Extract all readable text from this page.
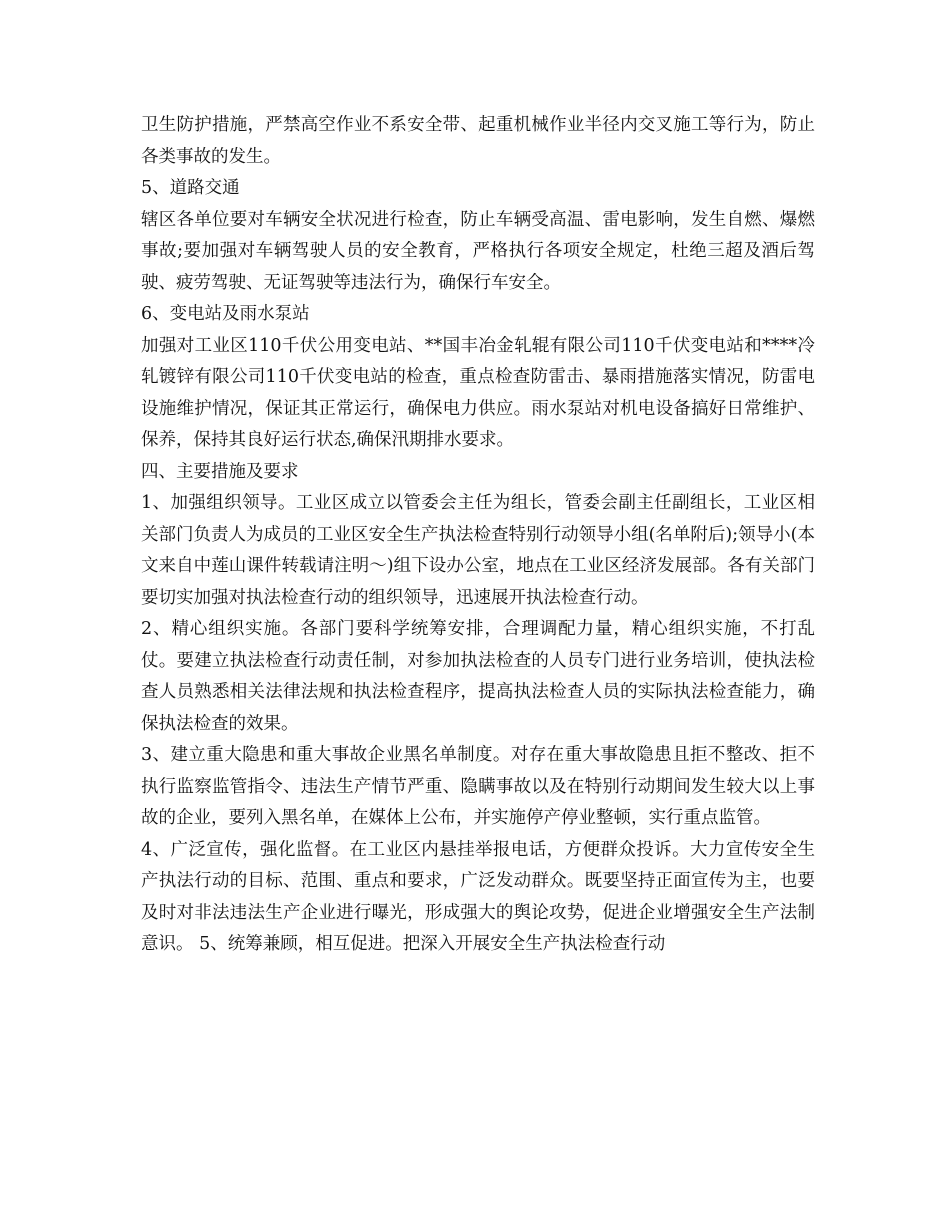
卫生防护措施，严禁高空作业不系安全带、起重机械作业半径内交叉施工等行为，防止各类事故的发生。

5、道路交通

辖区各单位要对车辆安全状况进行检查，防止车辆受高温、雷电影响，发生自燃、爆燃事故;要加强对车辆驾驶人员的安全教育，严格执行各项安全规定，杜绝三超及酒后驾驶、疲劳驾驶、无证驾驶等违法行为，确保行车安全。

6、变电站及雨水泵站

加强对工业区110千伏公用变电站、**国丰冶金轧辊有限公司110千伏变电站和****冷轧镀锌有限公司110千伏变电站的检查，重点检查防雷击、暴雨措施落实情况，防雷电设施维护情况，保证其正常运行，确保电力供应。雨水泵站对机电设备搞好日常维护、保养，保持其良好运行状态,确保汛期排水要求。

四、主要措施及要求

1、加强组织领导。工业区成立以管委会主任为组长，管委会副主任副组长，工业区相关部门负责人为成员的工业区安全生产执法检查特别行动领导小组(名单附后);领导小(本文来自中莲山课件转载请注明～)组下设办公室，地点在工业区经济发展部。各有关部门要切实加强对执法检查行动的组织领导，迅速展开执法检查行动。

2、精心组织实施。各部门要科学统筹安排，合理调配力量，精心组织实施，不打乱仗。要建立执法检查行动责任制，对参加执法检查的人员专门进行业务培训，使执法检查人员熟悉相关法律法规和执法检查程序，提高执法检查人员的实际执法检查能力，确保执法检查的效果。

3、建立重大隐患和重大事故企业黑名单制度。对存在重大事故隐患且拒不整改、拒不执行监察监管指令、违法生产情节严重、隐瞒事故以及在特别行动期间发生较大以上事故的企业，要列入黑名单，在媒体上公布，并实施停产停业整顿，实行重点监管。

4、广泛宣传，强化监督。在工业区内悬挂举报电话，方便群众投诉。大力宣传安全生产执法行动的目标、范围、重点和要求，广泛发动群众。既要坚持正面宣传为主，也要及时对非法违法生产企业进行曝光，形成强大的舆论攻势，促进企业增强安全生产法制意识。 5、统筹兼顾，相互促进。把深入开展安全生产执法检查行动
